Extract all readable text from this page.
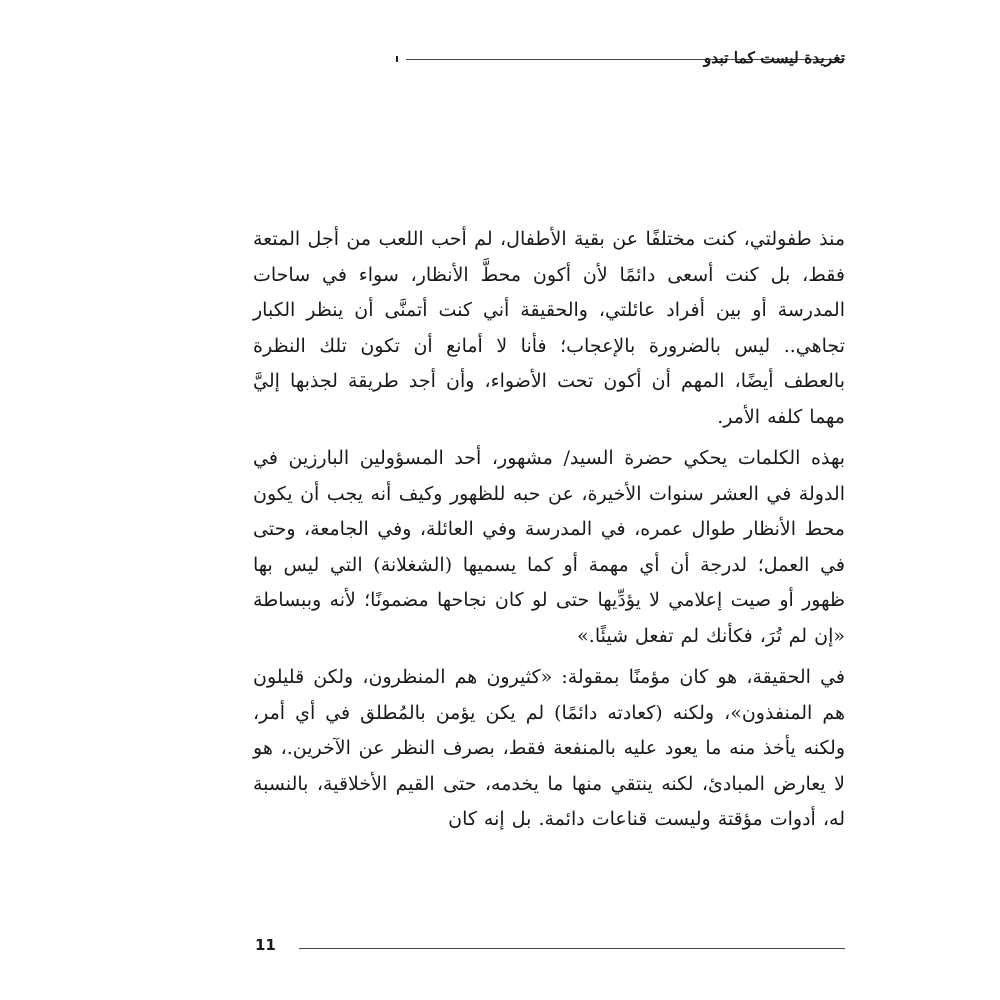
تغريدة ليست كما تبدو

منذ طفولتي، كنت مختلفًا عن بقية الأطفال، لم أحب اللعب من أجل المتعة فقط، بل كنت أسعى دائمًا لأن أكون محطَّ الأنظار، سواء في ساحات المدرسة أو بين أفراد عائلتي، والحقيقة أني كنت أتمنَّى أن ينظر الكبار تجاهي.. ليس بالضرورة بالإعجاب؛ فأنا لا أمانع أن تكون تلك النظرة بالعطف أيضًا، المهم أن أكون تحت الأضواء، وأن أجد طريقة لجذبها إليَّ مهما كلفه الأمر.

بهذه الكلمات يحكي حضرة السيد/ مشهور، أحد المسؤولين البارزين في الدولة في العشر سنوات الأخيرة، عن حبه للظهور وكيف أنه يجب أن يكون محط الأنظار طوال عمره، في المدرسة وفي العائلة، وفي الجامعة، وحتى في العمل؛ لدرجة أن أي مهمة أو كما يسميها (الشغلانة) التي ليس بها ظهور أو صيت إعلامي لا يؤدِّيها حتى لو كان نجاحها مضمونًا؛ لأنه وببساطة «إن لم تُرَ، فكأنك لم تفعل شيئًا.»

في الحقيقة، هو كان مؤمنًا بمقولة: «كثيرون هم المنظرون، ولكن قليلون هم المنفذون»، ولكنه (كعادته دائمًا) لم يكن يؤمن بالمُطلق في أي أمر، ولكنه يأخذ منه ما يعود عليه بالمنفعة فقط، بصرف النظر عن الآخرين.، هو لا يعارض المبادئ، لكنه ينتقي منها ما يخدمه، حتى القيم الأخلاقية، بالنسبة له، أدوات مؤقتة وليست قناعات دائمة. بل إنه كان

11
